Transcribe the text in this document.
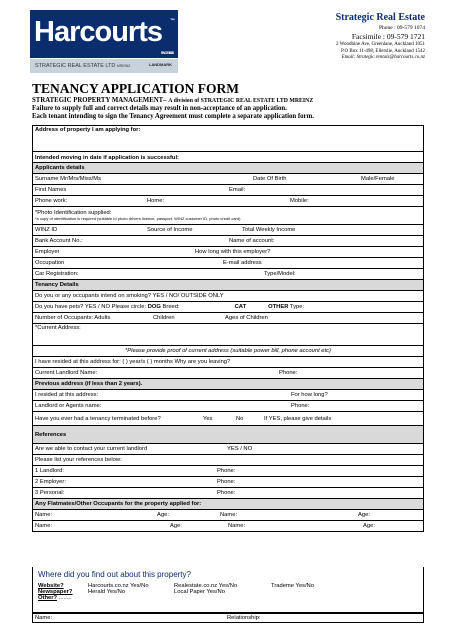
Harcourts ™
SINCE 1888
STRATEGIC REAL ESTATE LTD MREINZ	LANDMARK
Strategic Real Estate
Phone : 09-579 1074
Facsimile : 09-579 1721
2 Woodbine Ave, Greenlane, Auckland 1051
P.O Box 11-498, Ellerslie, Auckland 1542
Email: Strategic.rentals@harcourts.co.nz
TENANCY APPLICATION FORM
STRATEGIC PROPERTY MANAGEMENT– A division of STRATEGIC REAL ESTATE LTD MREINZ
Failure to supply full and correct details may result in non-acceptance of an application.
Each tenant intending to sign the Tenancy Agreement must complete a separate application form.
Address of property I am applying for:
Intended moving in date if application is successful:
Applicants details
Surname Mr/Mrs/Miss/Ms	Date Of Birth	Male/Female
First Names	Email:
Phone work:	Home:	Mobile:

*Photo Identification supplied:
*a copy of identification is required (suitable Id photo drivers licence, passport, WINZ customer ID, photo credit card)

WINZ ID	Source of Income	Total Weekly Income
Bank Account No.:	Name of account:
Employer	How long with this employer?
Occupation	E-mail address
Car Registration:	Type/Model:
Tenancy Details
Do you or any occupants intend on smoking? YES / NO/ OUTSIDE ONLY
Do you have pets? YES / NO Please circle: DOG Breed:	CAT	OTHER Type:
Number of Occupants: Adults	Children	Ages of Children
*Current Address:
*Please provide proof of current address (suitable power bill, phone account etc)
I have resided at this address for: ( ) year/s ( ) months Why are you leaving?
Current Landlord Name:	Phone:
Previous address (if less than 2 years).
I resided at this address:	For how long?
Landlord or Agents name:	Phone:
Have you ever had a tenancy terminated before?	Yes	No	If YES, please give details
References
Are we able to contact your current landlord	YES / NO
Please list your references below:
1 Landlord:	Phone:
2 Employer:	Phone:
3 Personal:	Phone:
Any Flatmates/Other Occupants for the property applied for:
Name:	Age:	Name:	Age:
Name:	Age:	Name:	Age:
Where did you find out about this property?
Website?	Harcourts.co.nz Yes/No	Realestate.co.nz Yes/No	Trademe Yes/No
Newspaper?	Herald Yes/No	Local Paper Yes/No
Other? ........
Name:	Relationship:
